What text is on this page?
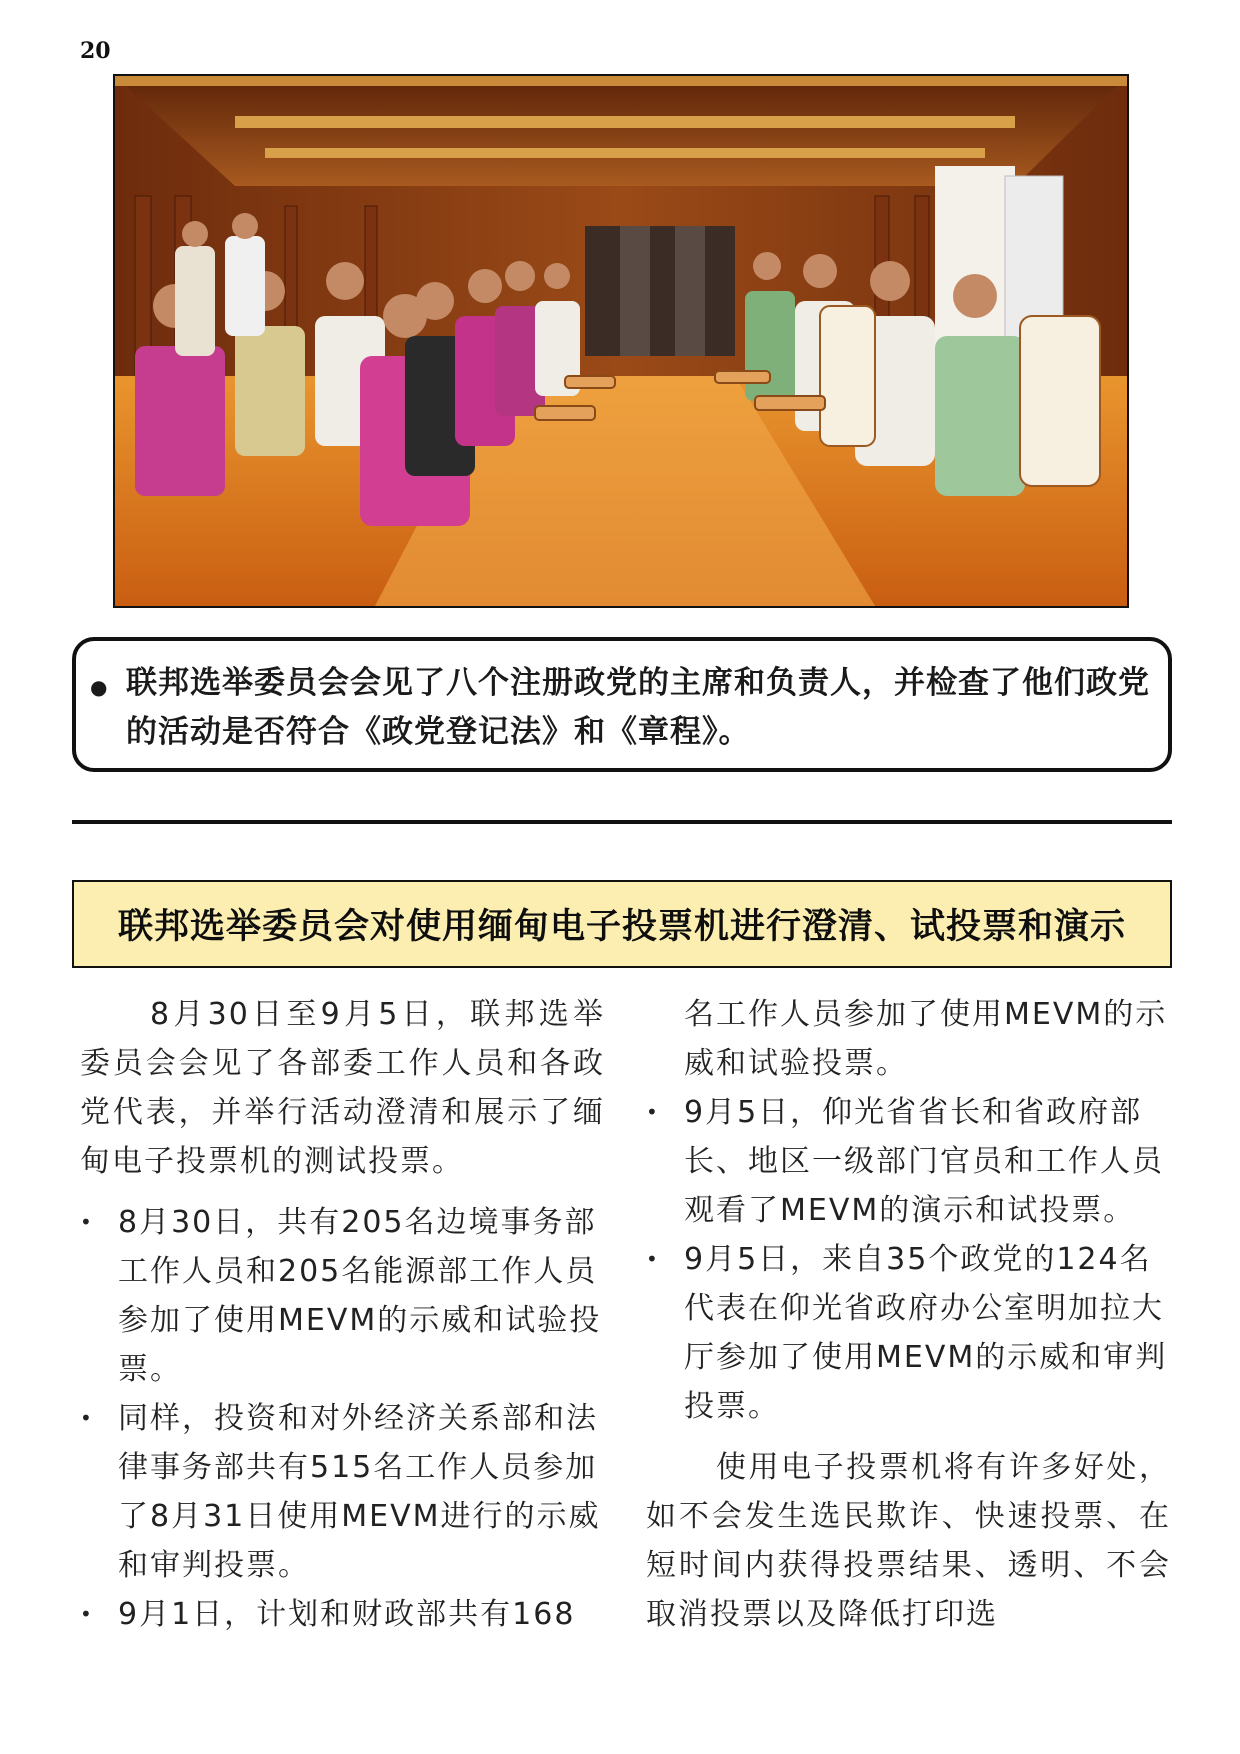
20
● 联邦选举委员会会见了八个注册政党的主席和负责人，并检查了他们政党的活动是否符合《政党登记法》和《章程》。
联邦选举委员会对使用缅甸电子投票机进行澄清、试投票和演示

8月30日至9月5日，联邦选举委员会会见了各部委工作人员和各政党代表，并举行活动澄清和展示了缅甸电子投票机的测试投票。

• 8月30日，共有205名边境事务部工作人员和205名能源部工作人员参加了使用MEVM的示威和试验投票。
• 同样，投资和对外经济关系部和法律事务部共有515名工作人员参加了8月31日使用MEVM进行的示威和审判投票。
• 9月1日，计划和财政部共有168

名工作人员参加了使用MEVM的示威和试验投票。

• 9月5日，仰光省省长和省政府部长、地区一级部门官员和工作人员观看了MEVM的演示和试投票。
• 9月5日，来自35个政党的124名代表在仰光省政府办公室明加拉大厅参加了使用MEVM的示威和审判投票。

使用电子投票机将有许多好处，如不会发生选民欺诈、快速投票、在短时间内获得投票结果、透明、不会取消投票以及降低打印选
